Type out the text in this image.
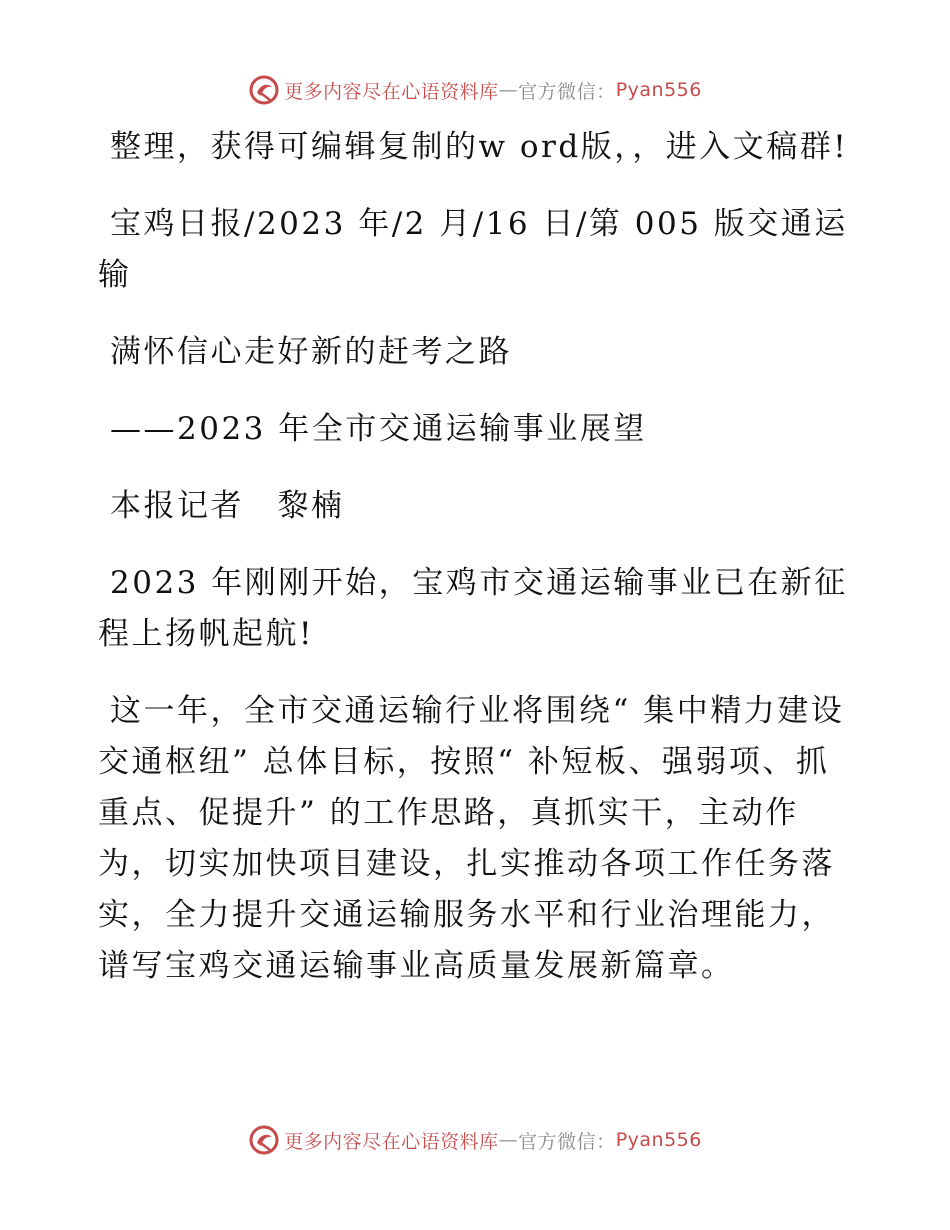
更多内容尽在心语资料库 — 官方微信： Pyan556

整理，获得可编辑复制的w ord版，，进入文稿群!

宝鸡日报/2023 年/2 月/16 日/第 005 版交通运输

满怀信心走好新的赶考之路

——2023 年全市交通运输事业展望

本报记者　黎楠

2023 年刚刚开始，宝鸡市交通运输事业已在新征程上扬帆起航!

这一年，全市交通运输行业将围绕“ 集中精力建设交通枢纽” 总体目标，按照“ 补短板、强弱项、抓重点、促提升” 的工作思路，真抓实干，主动作为，切实加快项目建设，扎实推动各项工作任务落实，全力提升交通运输服务水平和行业治理能力，谱写宝鸡交通运输事业高质量发展新篇章。

更多内容尽在心语资料库 — 官方微信： Pyan556
